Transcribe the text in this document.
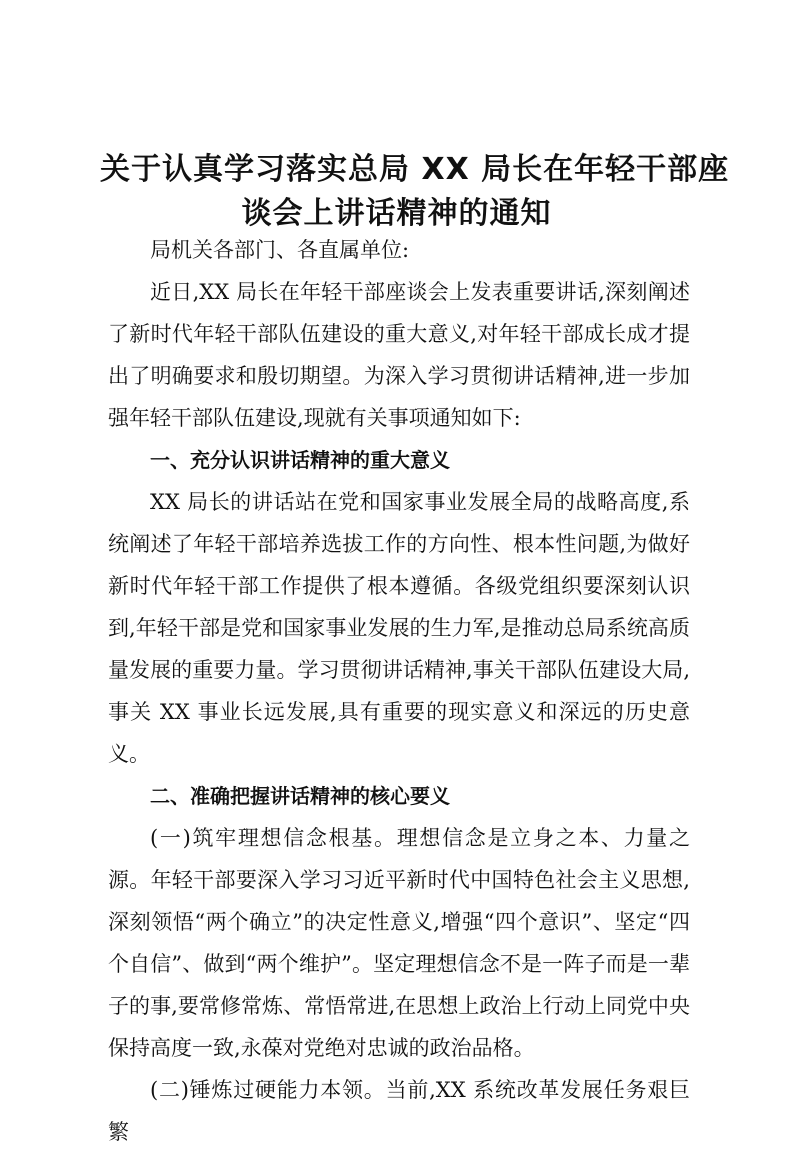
关于认真学习落实总局 XX 局长在年轻干部座
谈会上讲话精神的通知

局机关各部门、各直属单位:

近日,XX 局长在年轻干部座谈会上发表重要讲话,深刻阐述了新时代年轻干部队伍建设的重大意义,对年轻干部成长成才提出了明确要求和殷切期望。为深入学习贯彻讲话精神,进一步加强年轻干部队伍建设,现就有关事项通知如下:

一、充分认识讲话精神的重大意义

XX 局长的讲话站在党和国家事业发展全局的战略高度,系统阐述了年轻干部培养选拔工作的方向性、根本性问题,为做好新时代年轻干部工作提供了根本遵循。各级党组织要深刻认识到,年轻干部是党和国家事业发展的生力军,是推动总局系统高质量发展的重要力量。学习贯彻讲话精神,事关干部队伍建设大局,事关 XX 事业长远发展,具有重要的现实意义和深远的历史意义。

二、准确把握讲话精神的核心要义

(一)筑牢理想信念根基。理想信念是立身之本、力量之源。年轻干部要深入学习习近平新时代中国特色社会主义思想,深刻领悟“两个确立”的决定性意义,增强“四个意识”、坚定“四个自信”、做到“两个维护”。坚定理想信念不是一阵子而是一辈子的事,要常修常炼、常悟常进,在思想上政治上行动上同党中央保持高度一致,永葆对党绝对忠诚的政治品格。

(二)锤炼过硬能力本领。当前,XX 系统改革发展任务艰巨繁
